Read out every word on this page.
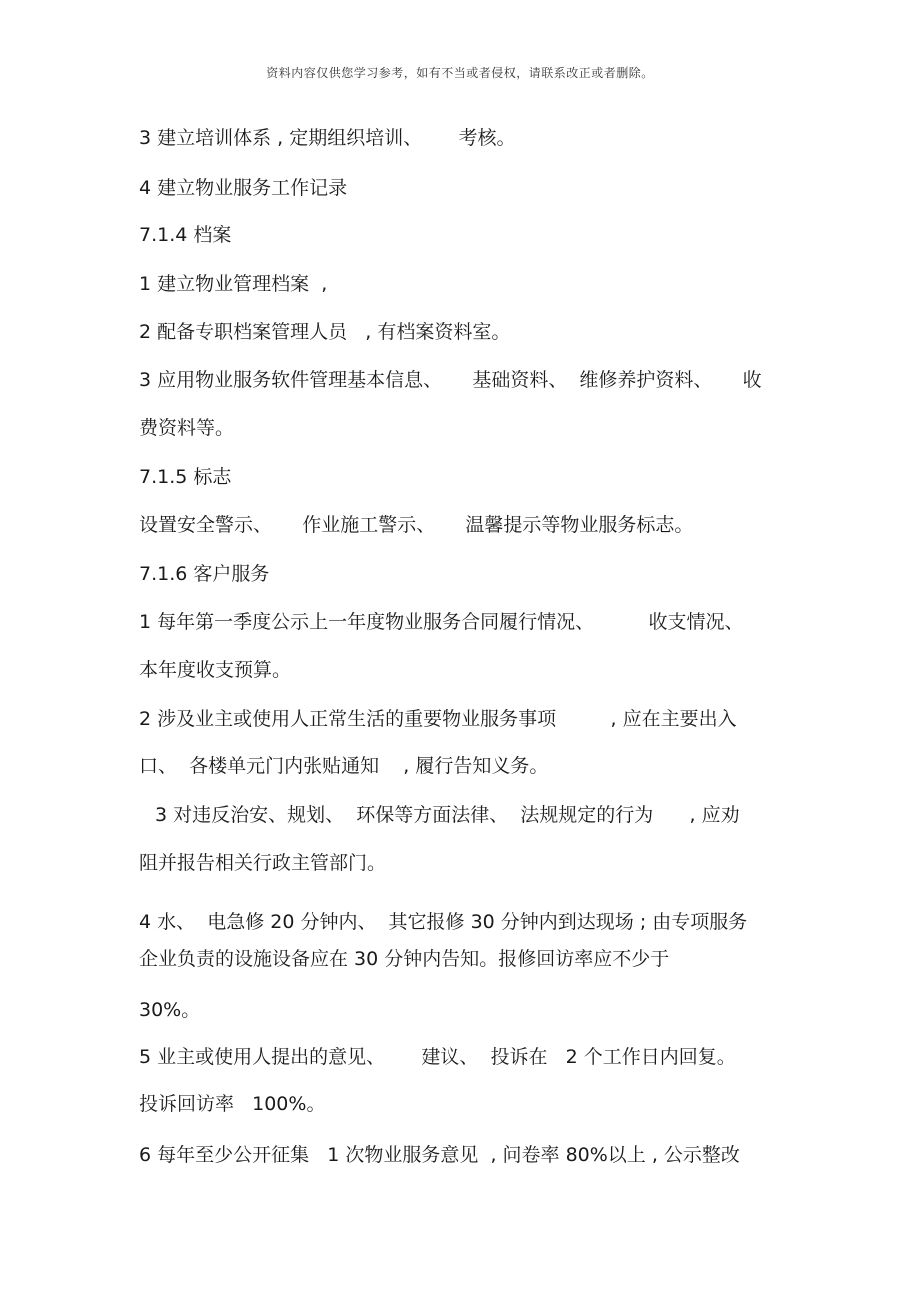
资料内容仅供您学习参考，如有不当或者侵权，请联系改正或者删除。
3 建立培训体系 , 定期组织培训、      考核。
4 建立物业服务工作记录
7.1.4 档案
1 建立物业管理档案  ,
2 配备专职档案管理人员   , 有档案资料室。
3 应用物业服务软件管理基本信息、     基础资料、  维修养护资料、     收
费资料等。
7.1.5 标志
设置安全警示、     作业施工警示、     温馨提示等物业服务标志。
7.1.6 客户服务
1 每年第一季度公示上一年度物业服务合同履行情况、         收支情况、
本年度收支预算。
2 涉及业主或使用人正常生活的重要物业服务事项         , 应在主要出入
口、  各楼单元门内张贴通知    , 履行告知义务。
3 对违反治安、规划、  环保等方面法律、  法规规定的行为      , 应劝
阻并报告相关行政主管部门。
4 水、  电急修 20 分钟内、  其它报修 30 分钟内到达现场 ; 由专项服务
企业负责的设施设备应在 30 分钟内告知。报修回访率应不少于
30%。
5 业主或使用人提出的意见、      建议、  投诉在   2 个工作日内回复。
投诉回访率   100%。
6 每年至少公开征集   1 次物业服务意见  , 问卷率 80%以上 , 公示整改
